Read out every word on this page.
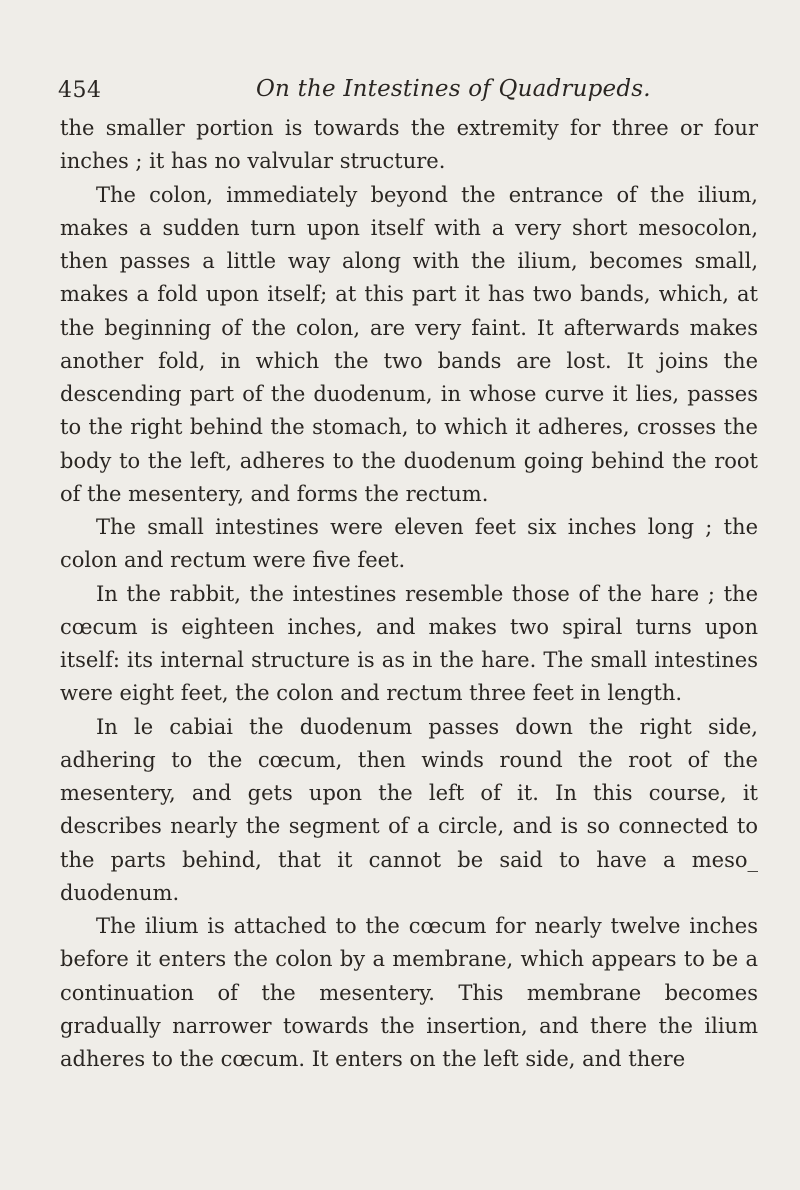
454	On the Intestines of Quadrupeds.

the smaller portion is towards the extremity for three or four inches ; it has no valvular structure.

The colon, immediately beyond the entrance of the ilium, makes a sudden turn upon itself with a very short mesocolon, then passes a little way along with the ilium, becomes small, makes a fold upon itself; at this part it has two bands, which, at the beginning of the colon, are very faint. It afterwards makes another fold, in which the two bands are lost. It joins the descending part of the duodenum, in whose curve it lies, passes to the right behind the stomach, to which it adheres, crosses the body to the left, adheres to the duodenum going behind the root of the mesentery, and forms the rectum.

The small intestines were eleven feet six inches long ; the colon and rectum were five feet.

In the rabbit, the intestines resemble those of the hare ; the cœcum is eighteen inches, and makes two spiral turns upon itself: its internal structure is as in the hare. The small intestines were eight feet, the colon and rectum three feet in length.

In le cabiai the duodenum passes down the right side, adhering to the cœcum, then winds round the root of the mesentery, and gets upon the left of it. In this course, it describes nearly the segment of a circle, and is so connected to the parts behind, that it cannot be said to have a meso_ duodenum.

The ilium is attached to the cœcum for nearly twelve inches before it enters the colon by a membrane, which appears to be a continuation of the mesentery. This membrane becomes gradually narrower towards the insertion, and there the ilium adheres to the cœcum. It enters on the left side, and there
